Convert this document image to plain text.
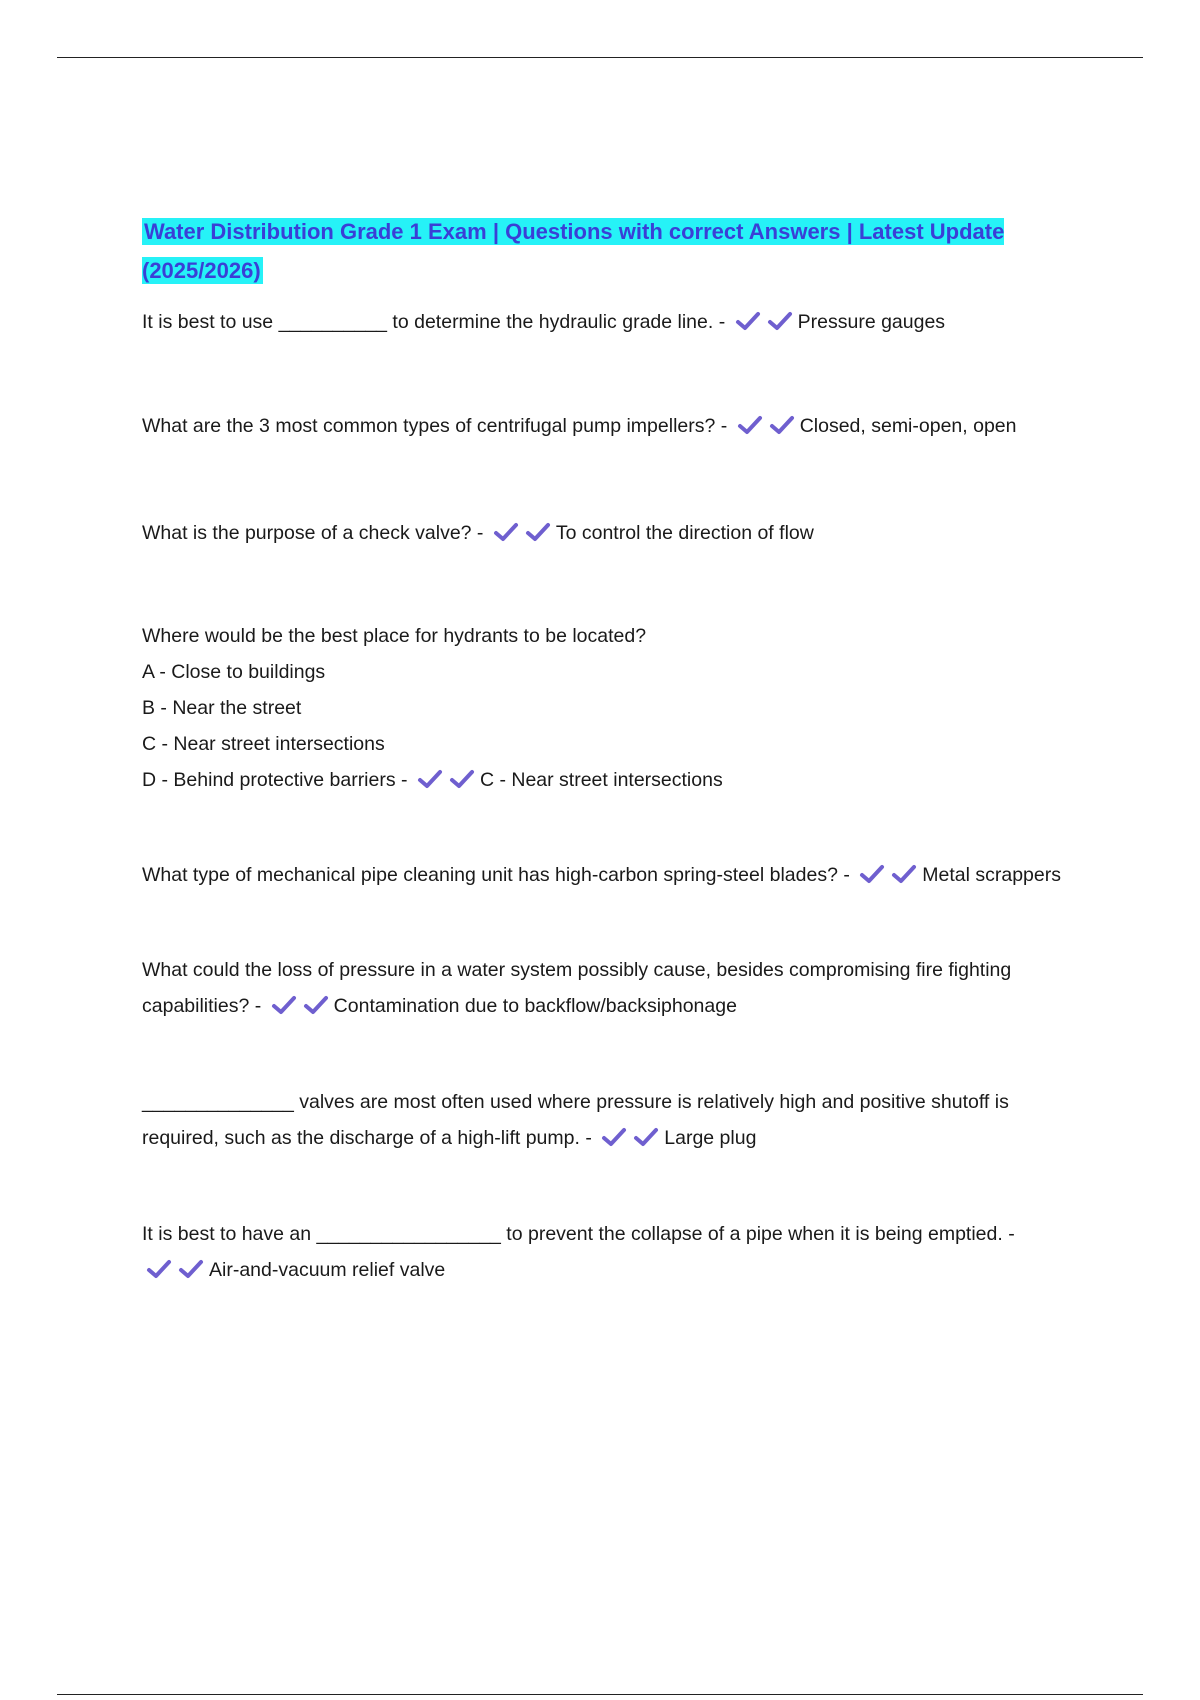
Water Distribution Grade 1 Exam | Questions with correct Answers | Latest Update (2025/2026)

It is best to use __________ to determine the hydraulic grade line. -	Pressure gauges

What are the 3 most common types of centrifugal pump impellers? -	Closed, semi-open, open

What is the purpose of a check valve? -	To control the direction of flow

Where would be the best place for hydrants to be located?

A - Close to buildings

B - Near the street

C - Near street intersections

D - Behind protective barriers -	C - Near street intersections

What type of mechanical pipe cleaning unit has high-carbon spring-steel blades? -	Metal scrappers

What could the loss of pressure in a water system possibly cause, besides compromising fire fighting capabilities? -	Contamination due to backflow/backsiphonage

______________ valves are most often used where pressure is relatively high and positive shutoff is required, such as the discharge of a high-lift pump. -	Large plug

It is best to have an _________________ to prevent the collapse of a pipe when it is being emptied. -
Air-and-vacuum relief valve
